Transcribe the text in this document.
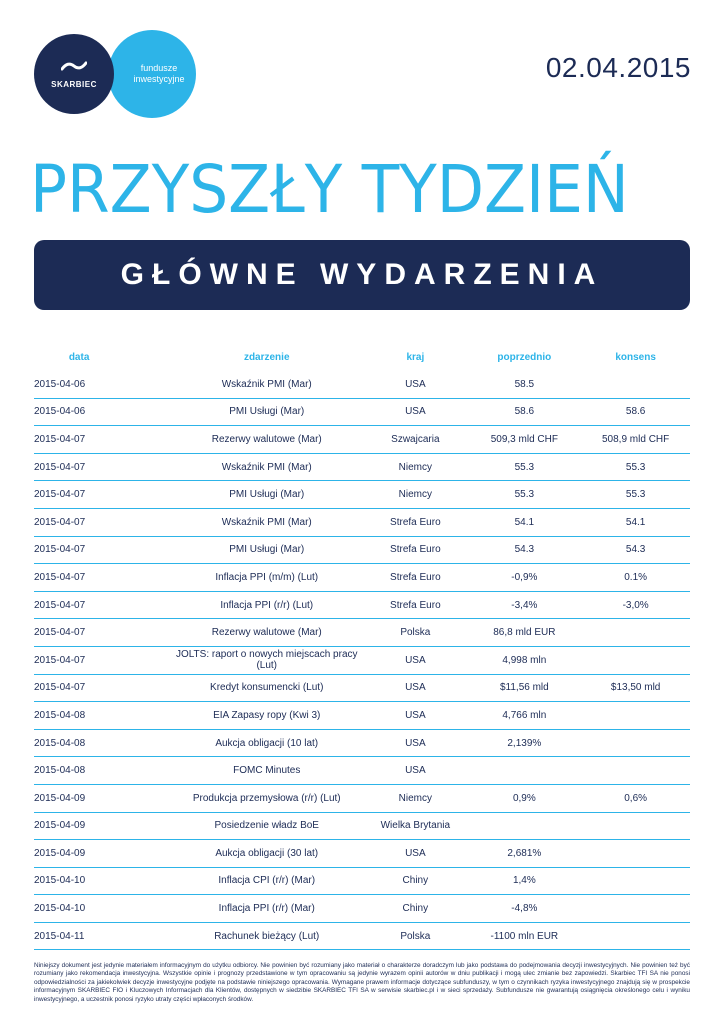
fundusze inwestycyjne
SKARBIEC
02.04.2015
PRZYSZŁY TYDZIEŃ
GŁÓWNE WYDARZENIA
data	zdarzenie	kraj	poprzednio	konsens
2015-04-06	Wskaźnik PMI (Mar)	USA	58.5	
2015-04-06	PMI Usługi (Mar)	USA	58.6	58.6
2015-04-07	Rezerwy walutowe (Mar)	Szwajcaria	509,3 mld CHF	508,9 mld CHF
2015-04-07	Wskaźnik PMI (Mar)	Niemcy	55.3	55.3
2015-04-07	PMI Usługi (Mar)	Niemcy	55.3	55.3
2015-04-07	Wskaźnik PMI (Mar)	Strefa Euro	54.1	54.1
2015-04-07	PMI Usługi (Mar)	Strefa Euro	54.3	54.3
2015-04-07	Inflacja PPI (m/m) (Lut)	Strefa Euro	-0,9%	0.1%
2015-04-07	Inflacja PPI (r/r) (Lut)	Strefa Euro	-3,4%	-3,0%
2015-04-07	Rezerwy walutowe (Mar)	Polska	86,8 mld EUR	
2015-04-07	JOLTS: raport o nowych miejscach pracy (Lut)	USA	4,998 mln	
2015-04-07	Kredyt konsumencki (Lut)	USA	$11,56 mld	$13,50 mld
2015-04-08	EIA Zapasy ropy (Kwi 3)	USA	4,766 mln	
2015-04-08	Aukcja obligacji (10 lat)	USA	2,139%	
2015-04-08	FOMC Minutes	USA		
2015-04-09	Produkcja przemysłowa (r/r) (Lut)	Niemcy	0,9%	0,6%
2015-04-09	Posiedzenie władz BoE	Wielka Brytania		
2015-04-09	Aukcja obligacji (30 lat)	USA	2,681%	
2015-04-10	Inflacja CPI (r/r) (Mar)	Chiny	1,4%	
2015-04-10	Inflacja PPI (r/r) (Mar)	Chiny	-4,8%	
2015-04-11	Rachunek bieżący (Lut)	Polska	-1100 mln EUR	
Niniejszy dokument jest jedynie materiałem informacyjnym do użytku odbiorcy. Nie powinien być rozumiany jako materiał o charakterze doradczym lub jako podstawa do podejmowania decyzji inwestycyjnych. Nie powinien też być rozumiany jako rekomendacja inwestycyjna. Wszystkie opinie i prognozy przedstawione w tym opracowaniu są jedynie wyrazem opinii autorów w dniu publikacji i mogą ulec zmianie bez zapowiedzi. Skarbiec TFI SA nie ponosi odpowiedzialności za jakiekolwiek decyzje inwestycyjne podjęte na podstawie niniejszego opracowania. Wymagane prawem informacje dotyczące subfunduszy, w tym o czynnikach ryzyka inwestycyjnego znajdują się w prospekcie informacyjnym SKARBIEC FIO i Kluczowych Informacjach dla Klientów, dostępnych w siedzibie SKARBIEC TFI SA w serwisie skarbiec.pl i w sieci sprzedaży. Subfundusze nie gwarantują osiągnięcia określonego celu i wyniku inwestycyjnego, a uczestnik ponosi ryzyko utraty części wpłaconych środków.
